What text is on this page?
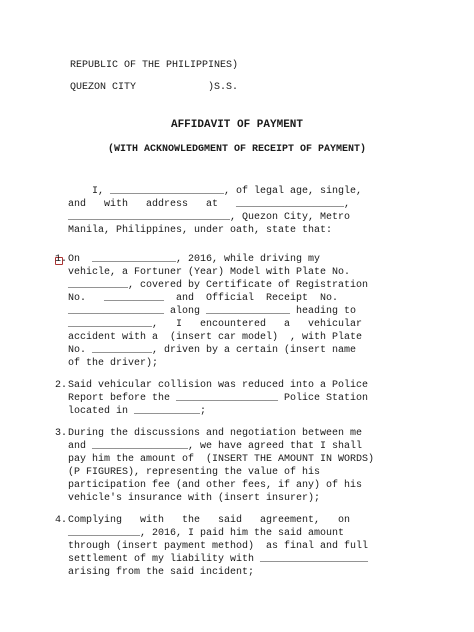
REPUBLIC OF THE PHILIPPINES)
QUEZON CITY            )S.S.
AFFIDAVIT OF PAYMENT
(WITH ACKNOWLEDGMENT OF RECEIPT OF PAYMENT)
I, ___________________, of legal age, single,
and   with   address   at   __________________,
___________________________, Quezon City, Metro
Manila, Philippines, under oath, state that:
1. On  ______________, 2016, while driving my
vehicle, a Fortuner (Year) Model with Plate No.
__________, covered by Certificate of Registration
No.   __________  and  Official  Receipt  No.
________________ along ______________ heading to
______________,   I   encountered   a   vehicular
accident with a  (insert car model)  , with Plate
No. __________, driven by a certain (insert name
of the driver);
2. Said vehicular collision was reduced into a Police
Report before the _________________ Police Station
located in ___________;
3. During the discussions and negotiation between me
and ________________, we have agreed that I shall
pay him the amount of  (INSERT THE AMOUNT IN WORDS)
(P FIGURES), representing the value of his
participation fee (and other fees, if any) of his
vehicle's insurance with (insert insurer);
4. Complying   with   the   said   agreement,   on
____________, 2016, I paid him the said amount
through (insert payment method)  as final and full
settlement of my liability with __________________
arising from the said incident;
